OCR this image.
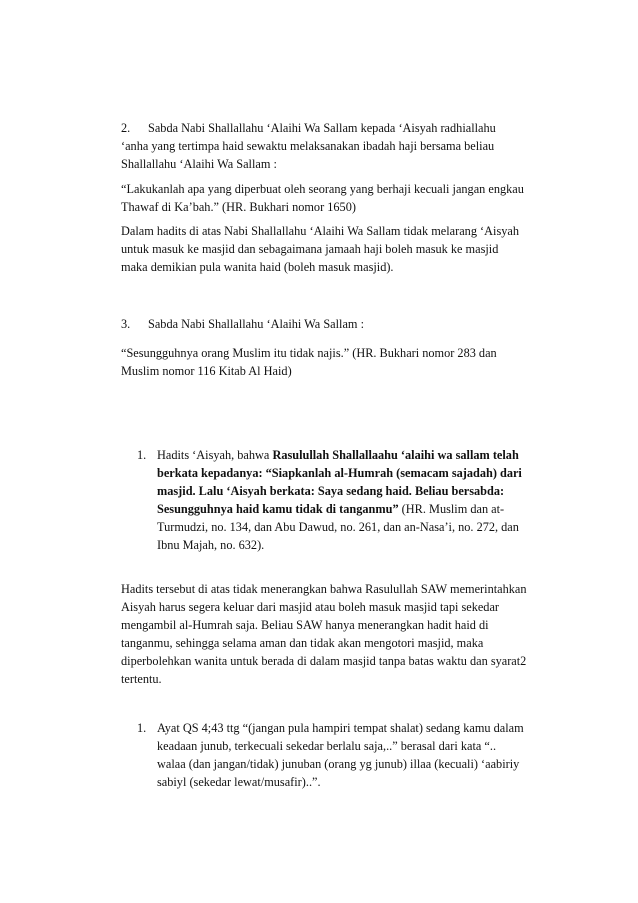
2. Sabda Nabi Shallallahu ‘Alaihi Wa Sallam kepada ‘Aisyah radhiallahu
‘anha yang tertimpa haid sewaktu melaksanakan ibadah haji bersama beliau
Shallallahu ‘Alaihi Wa Sallam :
“Lakukanlah apa yang diperbuat oleh seorang yang berhaji kecuali jangan engkau
Thawaf di Ka’bah.” (HR. Bukhari nomor 1650)
Dalam hadits di atas Nabi Shallallahu ‘Alaihi Wa Sallam tidak melarang ‘Aisyah
untuk masuk ke masjid dan sebagaimana jamaah haji boleh masuk ke masjid
maka demikian pula wanita haid (boleh masuk masjid).
3. Sabda Nabi Shallallahu ‘Alaihi Wa Sallam :
“Sesungguhnya orang Muslim itu tidak najis.” (HR. Bukhari nomor 283 dan
Muslim nomor 116 Kitab Al Haid)
1. Hadits ‘Aisyah, bahwa Rasulullah Shallallaahu ‘alaihi wa sallam telah
berkata kepadanya: “Siapkanlah al-Humrah (semacam sajadah) dari
masjid. Lalu ‘Aisyah berkata: Saya sedang haid. Beliau bersabda:
Sesungguhnya haid kamu tidak di tanganmu” (HR. Muslim dan at-
Turmudzi, no. 134, dan Abu Dawud, no. 261, dan an-Nasa’i, no. 272, dan
Ibnu Majah, no. 632).
Hadits tersebut di atas tidak menerangkan bahwa Rasulullah SAW memerintahkan
Aisyah harus segera keluar dari masjid atau boleh masuk masjid tapi sekedar
mengambil al-Humrah saja. Beliau SAW hanya menerangkan hadit haid di
tanganmu, sehingga selama aman dan tidak akan mengotori masjid, maka
diperbolehkan wanita untuk berada di dalam masjid tanpa batas waktu dan syarat2
tertentu.
1. Ayat QS 4;43 ttg “(jangan pula hampiri tempat shalat) sedang kamu dalam
keadaan junub, terkecuali sekedar berlalu saja,..” berasal dari kata “..
walaa (dan jangan/tidak) junuban (orang yg junub) illaa (kecuali) ‘aabiriy
sabiyl (sekedar lewat/musafir)..”.
